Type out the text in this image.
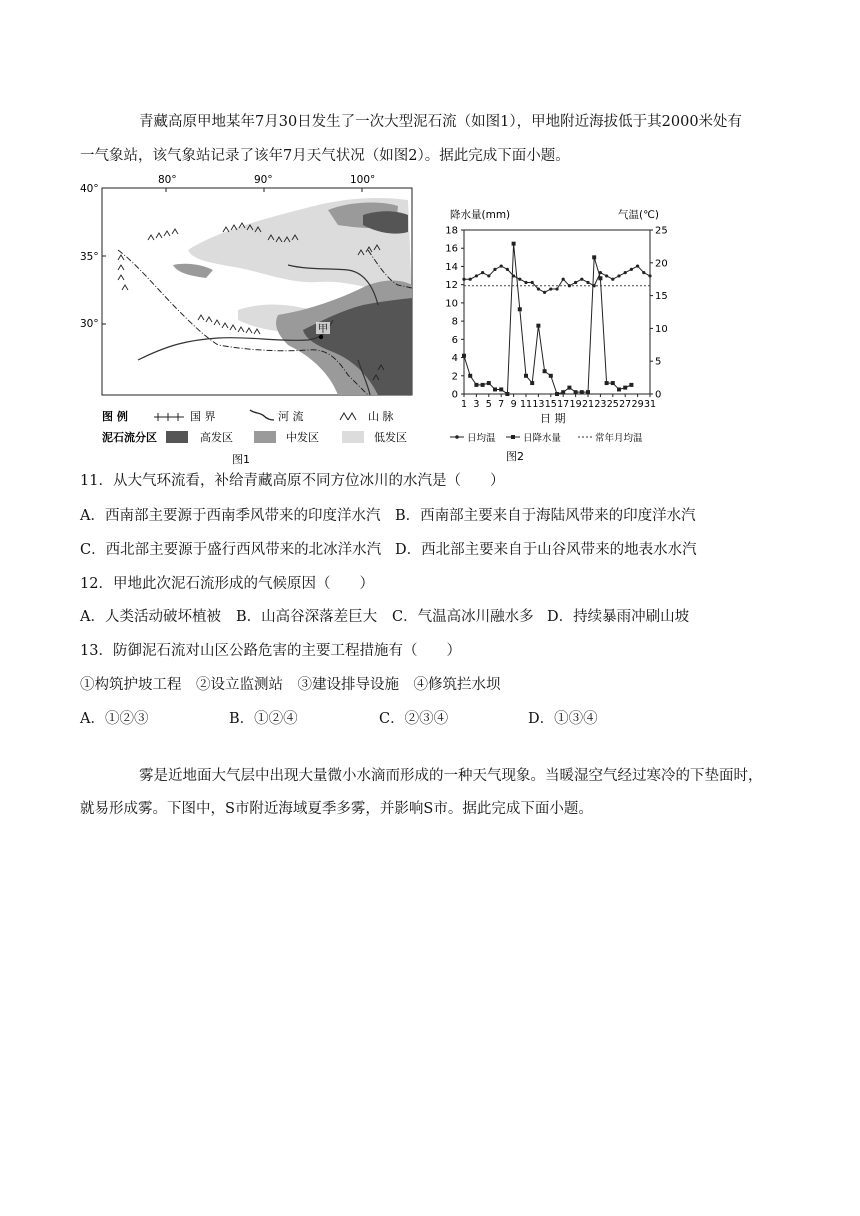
青藏高原甲地某年7月30日发生了一次大型泥石流（如图1），甲地附近海拔低于其2000米处有
一气象站，该气象站记录了该年7月天气状况（如图2）。据此完成下面小题。
甲
80°	90°	100°
40°
35°
30°
图 例	国 界	河 流	山 脉
泥石流分区	高发区	中发区	低发区
图1
降水量(mm)	气温(℃)
日 期
0
2
4
6
8
10
12
14
16
18
0
5
10
15
20
25
1 3 5 7 9 11 13 15 17 19 21 23 25 27 29 31
日均温	日降水量	常年月均温
图2
11．从大气环流看，补给青藏高原不同方位冰川的水汽是（　　）
A．西南部主要源于西南季风带来的印度洋水汽 B．西南部主要来自于海陆风带来的印度洋水汽
C．西北部主要源于盛行西风带来的北冰洋水汽 D．西北部主要来自于山谷风带来的地表水水汽
12．甲地此次泥石流形成的气候原因（　　）
A．人类活动破坏植被 B．山高谷深落差巨大 C．气温高冰川融水多 D．持续暴雨冲刷山坡
13．防御泥石流对山区公路危害的主要工程措施有（　　）
①构筑护坡工程　②设立监测站　③建设排导设施　④修筑拦水坝
A．①②③	B．①②④	C．②③④	D．①③④
雾是近地面大气层中出现大量微小水滴而形成的一种天气现象。当暖湿空气经过寒冷的下垫面时，
就易形成雾。下图中，S市附近海域夏季多雾，并影响S市。据此完成下面小题。
